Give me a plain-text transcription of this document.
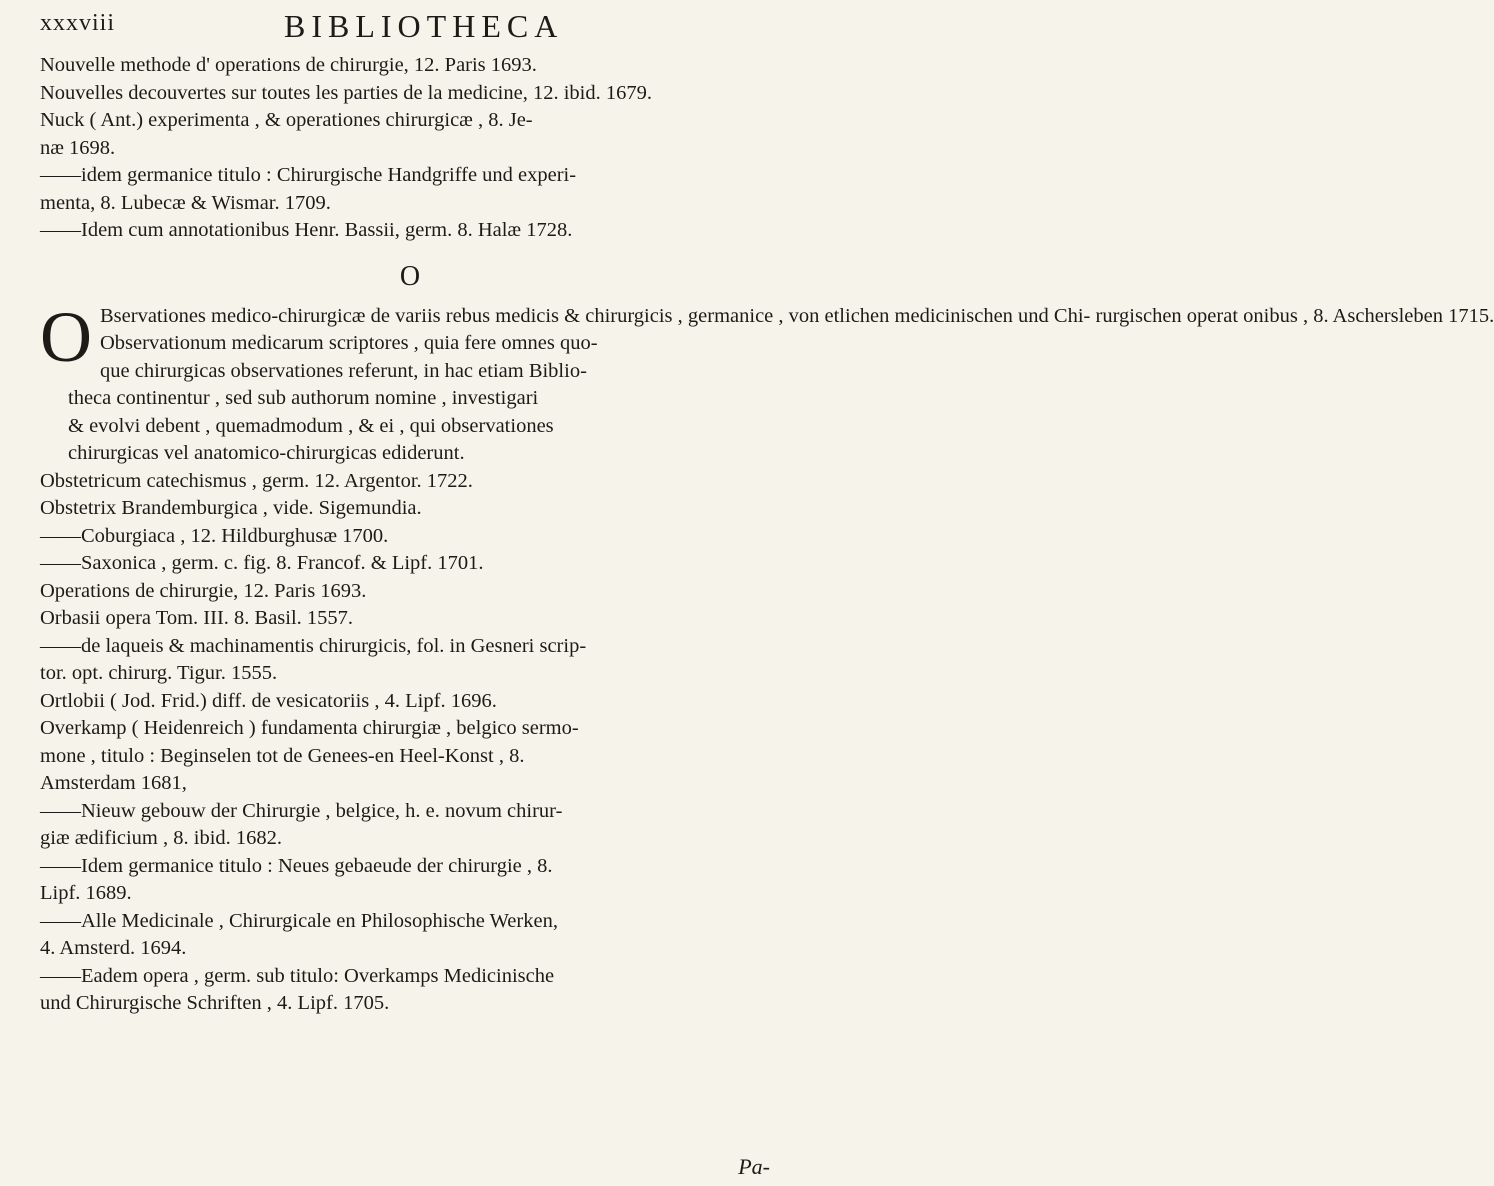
xxxviii	BIBLIOTHECA

Nouvelle methode d' operations de chirurgie, 12. Paris 1693.

Nouvelles decouvertes sur toutes les parties de la medicine, 12. ibid. 1679.

Nuck ( Ant.) experimenta , & operationes chirurgicæ , 8. Je-
næ 1698.

——idem germanice titulo : Chirurgische Handgriffe und experi-
menta, 8. Lubecæ & Wismar. 1709.

——Idem cum annotationibus Henr. Bassii, germ. 8. Halæ 1728.

O
O Bservationes medico-chirurgicæ de variis rebus medicis & chirurgicis , germanice , von etlichen medicinischen und Chi- rurgischen operat onibus , 8. Aschersleben 1715.
Observationum medicarum scriptores , quia fere omnes quo-
que chirurgicas observationes referunt, in hac etiam Biblio-
theca continentur , sed sub authorum nomine , investigari
& evolvi debent , quemadmodum , & ei , qui observationes
chirurgicas vel anatomico-chirurgicas ediderunt.

Obstetricum catechismus , germ. 12. Argentor. 1722.

Obstetrix Brandemburgica , vide. Sigemundia.

——Coburgiaca , 12. Hildburghusæ 1700.

——Saxonica , germ. c. fig. 8. Francof. & Lipf. 1701.

Operations de chirurgie, 12. Paris 1693.

Orbasii opera Tom. III. 8. Basil. 1557.

——de laqueis & machinamentis chirurgicis, fol. in Gesneri scrip-
tor. opt. chirurg. Tigur. 1555.

Ortlobii ( Jod. Frid.) diff. de vesicatoriis , 4. Lipf. 1696.

Overkamp ( Heidenreich ) fundamenta chirurgiæ , belgico sermo-
mone , titulo : Beginselen tot de Genees-en Heel-Konst , 8.
Amsterdam 1681,

——Nieuw gebouw der Chirurgie , belgice, h. e. novum chirur-
giæ ædificium , 8. ibid. 1682.

——Idem germanice titulo : Neues gebaeude der chirurgie , 8.
Lipf. 1689.

——Alle Medicinale , Chirurgicale en Philosophische Werken,
4. Amsterd. 1694.

——Eadem opera , germ. sub titulo: Overkamps Medicinische
und Chirurgische Schriften , 4. Lipf. 1705.

Pa-
